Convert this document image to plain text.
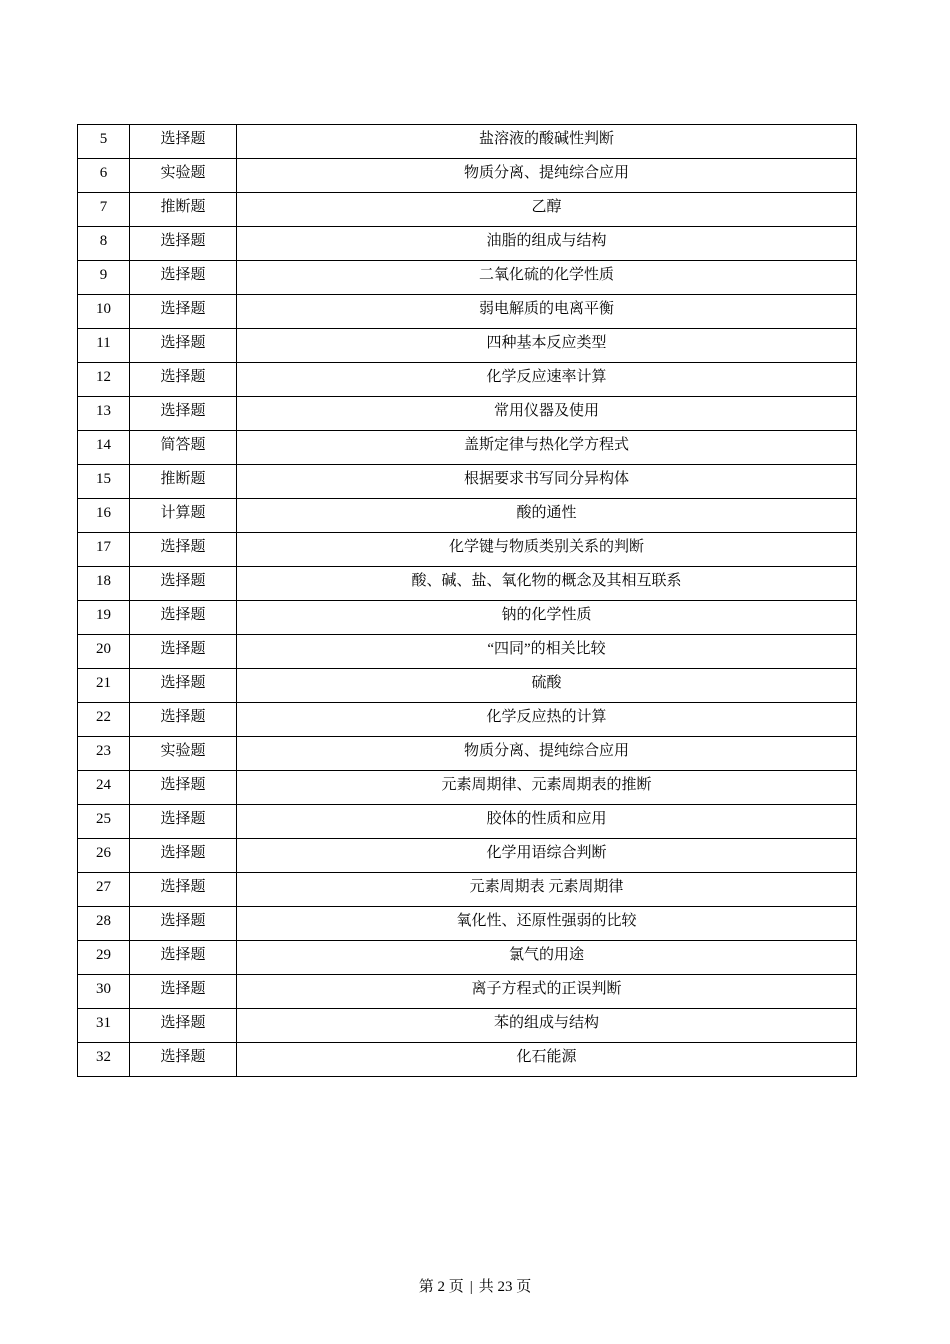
5	选择题	盐溶液的酸碱性判断
6	实验题	物质分离、提纯综合应用
7	推断题	乙醇
8	选择题	油脂的组成与结构
9	选择题	二氧化硫的化学性质
10	选择题	弱电解质的电离平衡
11	选择题	四种基本反应类型
12	选择题	化学反应速率计算
13	选择题	常用仪器及使用
14	简答题	盖斯定律与热化学方程式
15	推断题	根据要求书写同分异构体
16	计算题	酸的通性
17	选择题	化学键与物质类别关系的判断
18	选择题	酸、碱、盐、氧化物的概念及其相互联系
19	选择题	钠的化学性质
20	选择题	“四同”的相关比较
21	选择题	硫酸
22	选择题	化学反应热的计算
23	实验题	物质分离、提纯综合应用
24	选择题	元素周期律、元素周期表的推断
25	选择题	胶体的性质和应用
26	选择题	化学用语综合判断
27	选择题	元素周期表 元素周期律
28	选择题	氧化性、还原性强弱的比较
29	选择题	氯气的用途
30	选择题	离子方程式的正误判断
31	选择题	苯的组成与结构
32	选择题	化石能源
第 2 页 | 共 23 页
